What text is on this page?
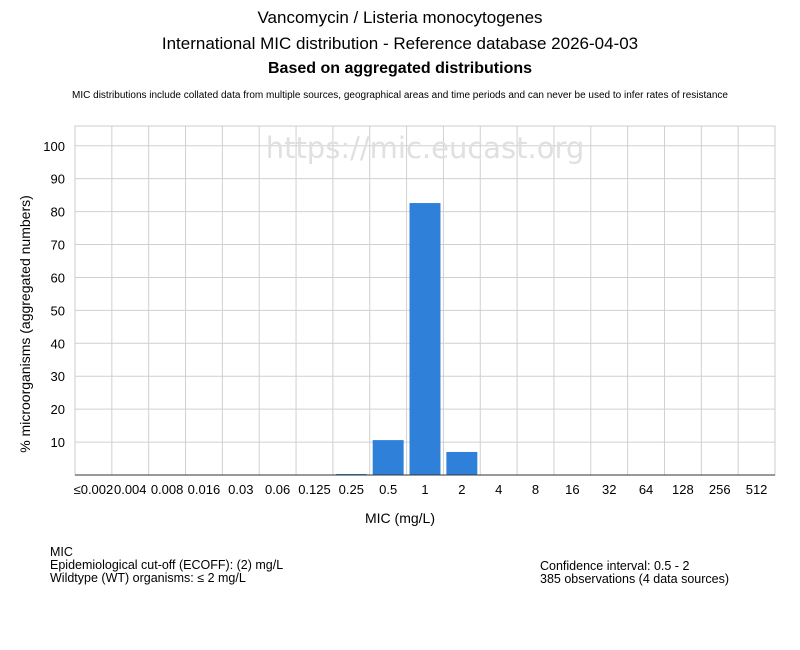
Vancomycin / Listeria monocytogenes
International MIC distribution - Reference database 2026-04-03
Based on aggregated distributions
MIC distributions include collated data from multiple sources, geographical areas and time periods and can never be used to infer rates of resistance
https://mic.eucast.org
10
20
30
40
50
60
70
80
90
100
≤0.002 0.004 0.008 0.016 0.03 0.06 0.125 0.25 0.5 1 2 4 8 16 32 64 128 256 512
MIC (mg/L)
% microorganisms (aggregated numbers)
MIC
Epidemiological cut-off (ECOFF): (2) mg/L
Wildtype (WT) organisms: ≤ 2 mg/L
Confidence interval: 0.5 - 2
385 observations (4 data sources)
